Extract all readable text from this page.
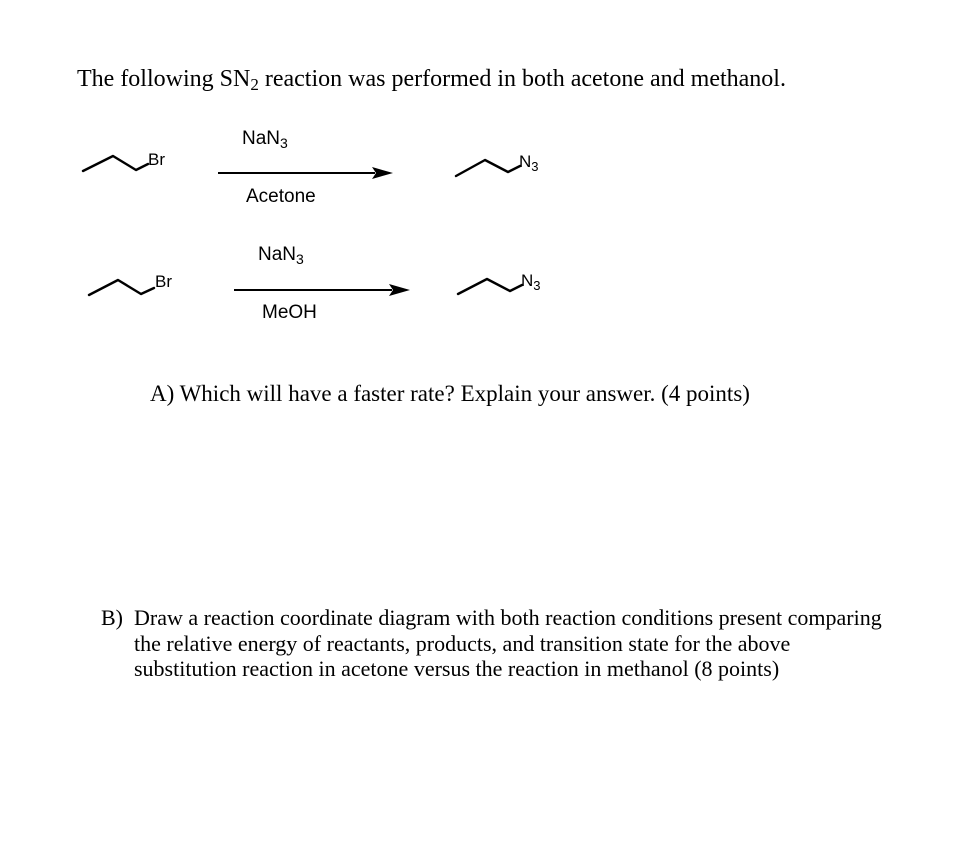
The following $SN_2$ reaction was performed in both acetone and methanol.
Br
NaN$_3$
Acetone
$N_3$
Br
NaN$_3$
MeOH
$N_3$
A) Which will have a faster rate? Explain your answer. (4 points)
B) Draw a reaction coordinate diagram with both reaction conditions present comparing
the relative energy of reactants, products, and transition state for the above
substitution reaction in acetone versus the reaction in methanol (8 points)
